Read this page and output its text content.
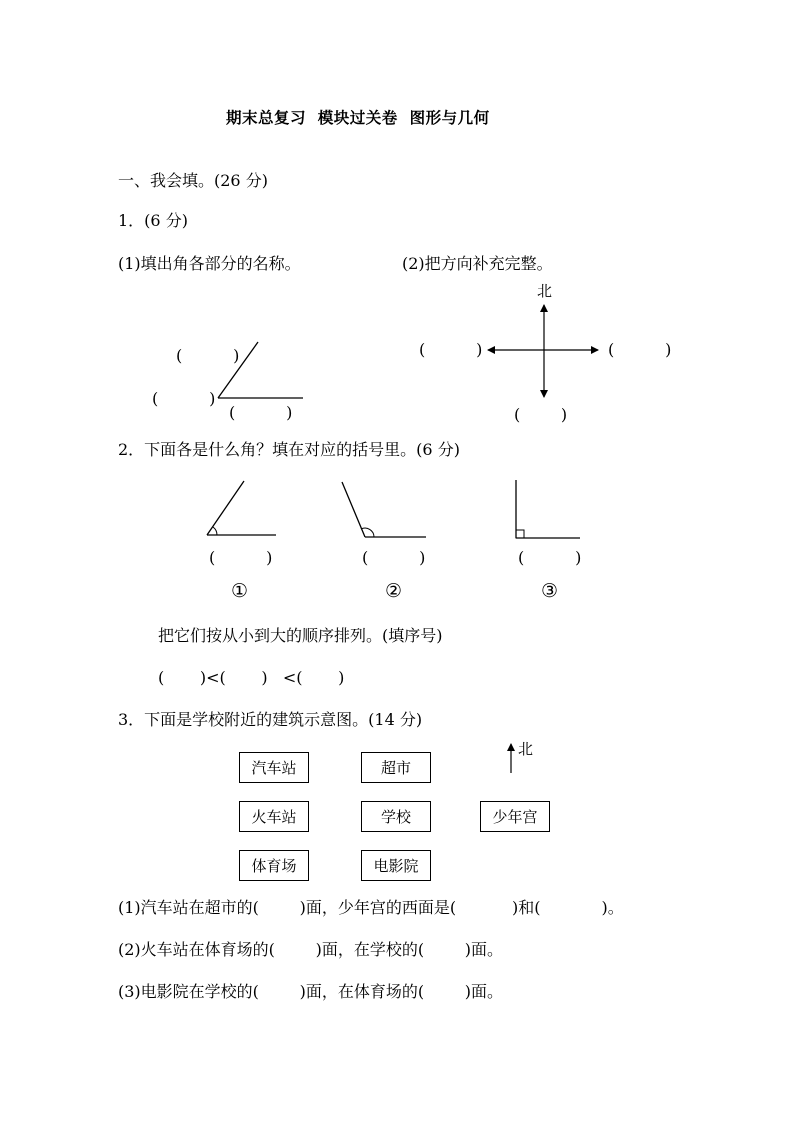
期末总复习  模块过关卷  图形与几何
一、我会填。(26 分)
1．(6 分)
(1)填出角各部分的名称。	(2)把方向补充完整。
北
(          )
(          )
(          )
(          )	(          )
(        )
2．下面各是什么角？填在对应的括号里。(6 分)
(          )	(          )	(          )
①	②	③
把它们按从小到大的顺序排列。(填序号)
(       )<(       )   <(       )
3．下面是学校附近的建筑示意图。(14 分)
北
汽车站	超市
火车站	学校	少年宫
体育场	电影院
(1)汽车站在超市的(        )面，少年宫的西面是(           )和(            )。
(2)火车站在体育场的(        )面，在学校的(        )面。
(3)电影院在学校的(        )面，在体育场的(        )面。
